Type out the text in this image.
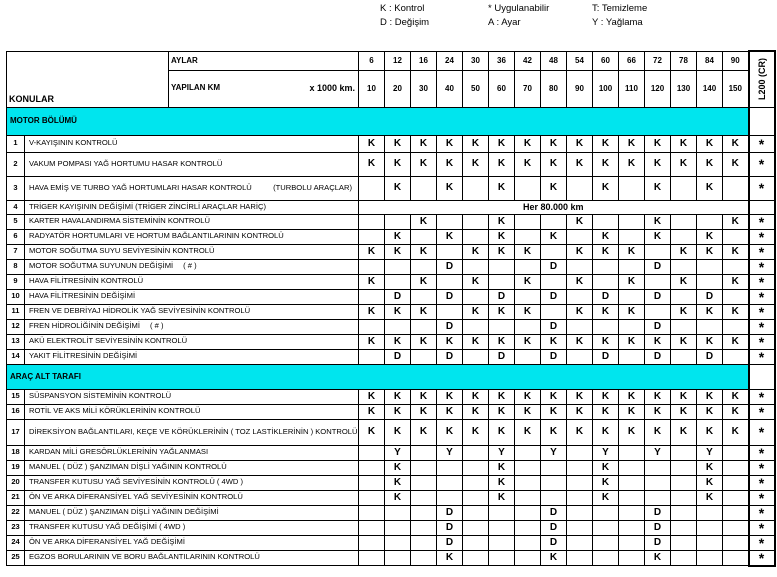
K : Kontrol
D : Değişim
* Uygulanabilir
A : Ayar
T: Temizleme
Y : Yağlama
KONULAR		AYLAR	6	12	16	24	30	36	42	48	54	60	66	72	78	84	90	L200 (CR)

		YAPILAN KM x 1000 km.	10	20	30	40	50	60	70	80	90	100	110	120	130	140	150	
MOTOR BÖLÜMÜ																		
1	V-KAYIŞININ KONTROLÜ		K	K	K	K	K	K	K	K	K	K	K	K	K	K	K	*
2	VAKUM POMPASI YAĞ HORTUMU HASAR KONTROLÜ		K	K	K	K	K	K	K	K	K	K	K	K	K	K	K	*
3	HAVA EMİŞ VE TURBO YAĞ HORTUMLARI HASAR KONTROLÜ (TURBOLU ARAÇLAR)			K		K		K		K		K		K		K		*
4	TRİGER KAYIŞININ DEĞİŞİMİ (TRİGER ZİNCİRLİ ARAÇLAR HARİÇ)		Her 80.000 km															
5	KARTER HAVALANDIRMA SİSTEMİNİN KONTROLÜ				K			K			K			K			K	*
6	RADYATÖR HORTUMLARI VE HORTUM BAĞLANTILARININ KONTROLÜ			K		K		K		K		K		K		K		*
7	MOTOR SOĞUTMA SUYU SEVİYESİNİN KONTROLÜ		K	K	K		K	K	K		K	K	K		K	K	K	*
8	MOTOR SOĞUTMA SUYUNUN DEĞİŞİMİ ( # )					D				D				D				*
9	HAVA FİLİTRESİNİN KONTROLÜ		K		K		K		K		K		K		K		K	*
10	HAVA FİLİTRESİNİN DEĞİŞİMİ			D		D		D		D		D		D		D		*
11	FREN VE DEBRİYAJ HİDROLİK YAĞ SEVİYESİNİN KONTROLÜ		K	K	K		K	K	K		K	K	K		K	K	K	*
12	FREN HİDROLİĞİNİN DEĞİŞİMİ ( # )					D				D				D				*
13	AKÜ ELEKTROLİT SEVİYESİNİN KONTROLÜ		K	K	K	K	K	K	K	K	K	K	K	K	K	K	K	*
14	YAKIT FİLİTRESİNİN DEĞİŞİMİ			D		D		D		D		D		D		D		*
ARAÇ ALT TARAFI																		
15	SÜSPANSYON SİSTEMİNİN KONTROLÜ		K	K	K	K	K	K	K	K	K	K	K	K	K	K	K	*
16	ROTİL VE AKS MİLİ KÖRÜKLERİNİN KONTROLÜ		K	K	K	K	K	K	K	K	K	K	K	K	K	K	K	*
17	DİREKSİYON BAĞLANTILARI, KEÇE VE KÖRÜKLERİNİN ( TOZ LASTİKLERİNİN ) KONTROLÜ		K	K	K	K	K	K	K	K	K	K	K	K	K	K	K	*
18	KARDAN MİLİ GRESÖRLÜKLERİNİN YAĞLANMASI			Y		Y		Y		Y		Y		Y		Y		*
19	MANUEL ( DÜZ ) ŞANZIMAN DİŞLİ YAĞININ KONTROLÜ			K				K				K				K		*
20	TRANSFER KUTUSU YAĞ SEVİYESİNİN KONTROLÜ ( 4WD )			K				K				K				K		*
21	ÖN VE ARKA DİFERANSİYEL YAĞ SEVİYESİNİN KONTROLÜ			K				K				K				K		*
22	MANUEL ( DÜZ ) ŞANZIMAN DİŞLİ YAĞININ DEĞİŞİMİ					D				D				D				*
23	TRANSFER KUTUSU YAĞ DEĞİŞİMİ ( 4WD )					D				D				D				*
24	ÖN VE ARKA DİFERANSİYEL YAĞ DEĞİŞİMİ					D				D				D				*
25	EGZOS BORULARININ VE BORU BAĞLANTILARININ KONTROLÜ					K				K				K				*
